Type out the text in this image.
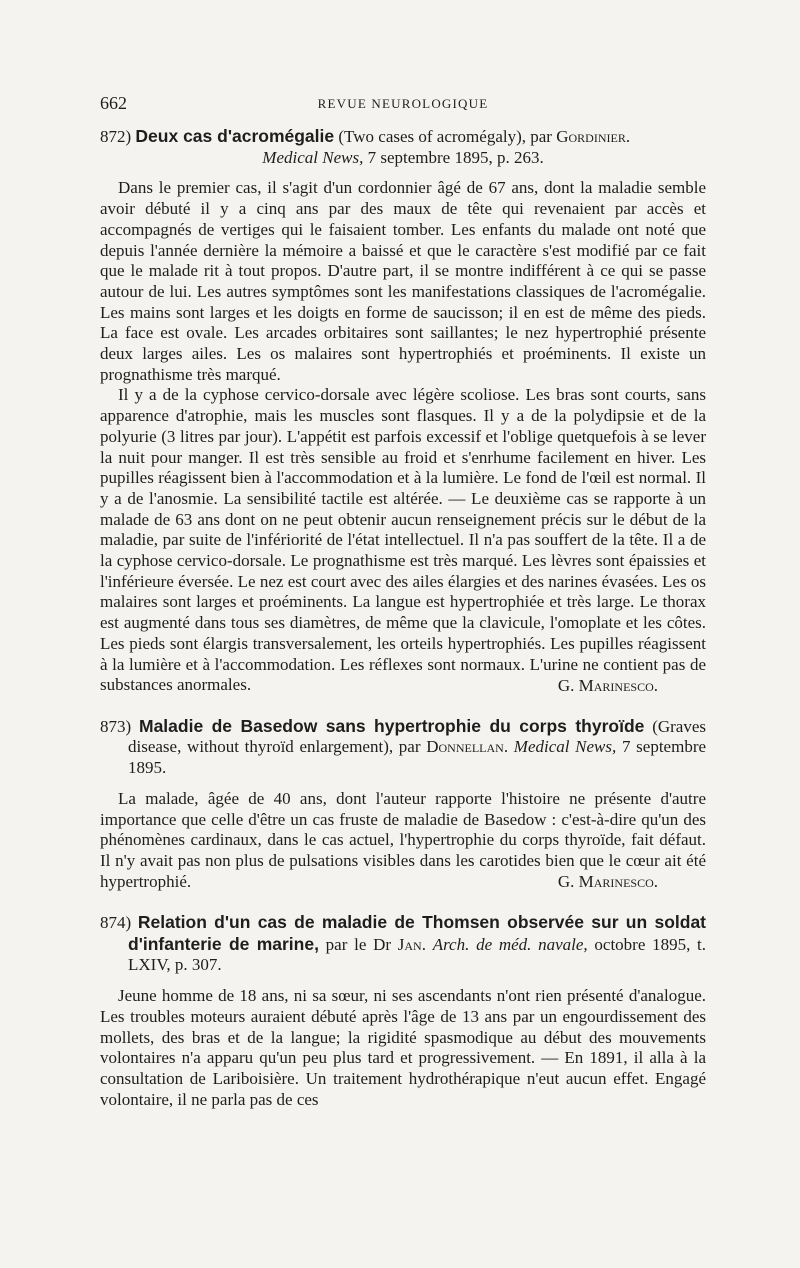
662	REVUE NEUROLOGIQUE
872) Deux cas d'acromégalie (Two cases of acromégaly), par Gordinier.
Medical News, 7 septembre 1895, p. 263.

Dans le premier cas, il s'agit d'un cordonnier âgé de 67 ans, dont la maladie semble avoir débuté il y a cinq ans par des maux de tête qui revenaient par accès et accompagnés de vertiges qui le faisaient tomber. Les enfants du malade ont noté que depuis l'année dernière la mémoire a baissé et que le caractère s'est modifié par ce fait que le malade rit à tout propos. D'autre part, il se montre indifférent à ce qui se passe autour de lui. Les autres symptômes sont les manifestations classiques de l'acromégalie. Les mains sont larges et les doigts en forme de saucisson; il en est de même des pieds. La face est ovale. Les arcades orbitaires sont saillantes; le nez hypertrophié présente deux larges ailes. Les os malaires sont hypertrophiés et proéminents. Il existe un prognathisme très marqué.

Il y a de la cyphose cervico-dorsale avec légère scoliose. Les bras sont courts, sans apparence d'atrophie, mais les muscles sont flasques. Il y a de la polydipsie et de la polyurie (3 litres par jour). L'appétit est parfois excessif et l'oblige quetquefois à se lever la nuit pour manger. Il est très sensible au froid et s'enrhume facilement en hiver. Les pupilles réagissent bien à l'accommodation et à la lumière. Le fond de l'œil est normal. Il y a de l'anosmie. La sensibilité tactile est altérée. — Le deuxième cas se rapporte à un malade de 63 ans dont on ne peut obtenir aucun renseignement précis sur le début de la maladie, par suite de l'infériorité de l'état intellectuel. Il n'a pas souffert de la tête. Il a de la cyphose cervico-dorsale. Le prognathisme est très marqué. Les lèvres sont épaissies et l'inférieure éversée. Le nez est court avec des ailes élargies et des narines évasées. Les os malaires sont larges et proéminents. La langue est hypertrophiée et très large. Le thorax est augmenté dans tous ses diamètres, de même que la clavicule, l'omoplate et les côtes. Les pieds sont élargis transversalement, les orteils hypertrophiés. Les pupilles réagissent à la lumière et à l'accommodation. Les réflexes sont normaux. L'urine ne contient pas de substances anormales.	G. Marinesco.
873) Maladie de Basedow sans hypertrophie du corps thyroïde (Graves disease, without thyroïd enlargement), par Donnellan. Medical News, 7 septembre 1895.

La malade, âgée de 40 ans, dont l'auteur rapporte l'histoire ne présente d'autre importance que celle d'être un cas fruste de maladie de Basedow : c'est-à-dire qu'un des phénomènes cardinaux, dans le cas actuel, l'hypertrophie du corps thyroïde, fait défaut. Il n'y avait pas non plus de pulsations visibles dans les carotides bien que le cœur ait été hypertrophié.	G. Marinesco.
874) Relation d'un cas de maladie de Thomsen observée sur un soldat d'infanterie de marine, par le Dr Jan. Arch. de méd. navale, octobre 1895, t. LXIV, p. 307.

Jeune homme de 18 ans, ni sa sœur, ni ses ascendants n'ont rien présenté d'analogue. Les troubles moteurs auraient débuté après l'âge de 13 ans par un engourdissement des mollets, des bras et de la langue; la rigidité spasmodique au début des mouvements volontaires n'a apparu qu'un peu plus tard et progressivement. — En 1891, il alla à la consultation de Lariboisière. Un traitement hydrothérapique n'eut aucun effet. Engagé volontaire, il ne parla pas de ces
